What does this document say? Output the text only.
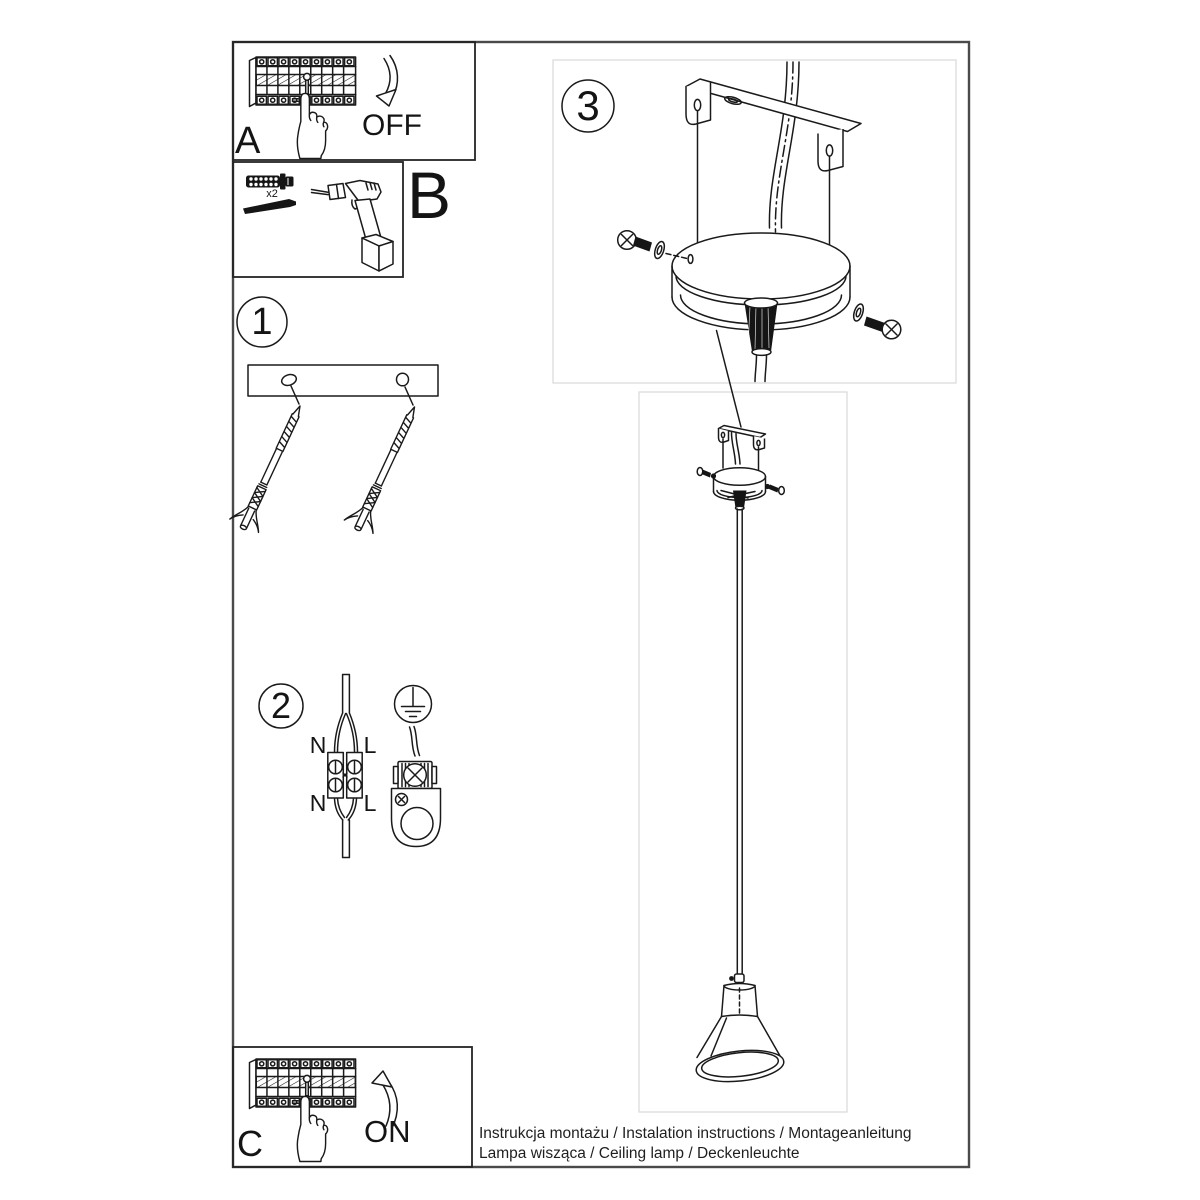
A	OFF
B
x2
1
2
3
N L
N L
C	ON	Instrukcja montażu / Instalation instructions / Montageanleitung
Lampa wisząca / Ceiling lamp / Deckenleuchte
